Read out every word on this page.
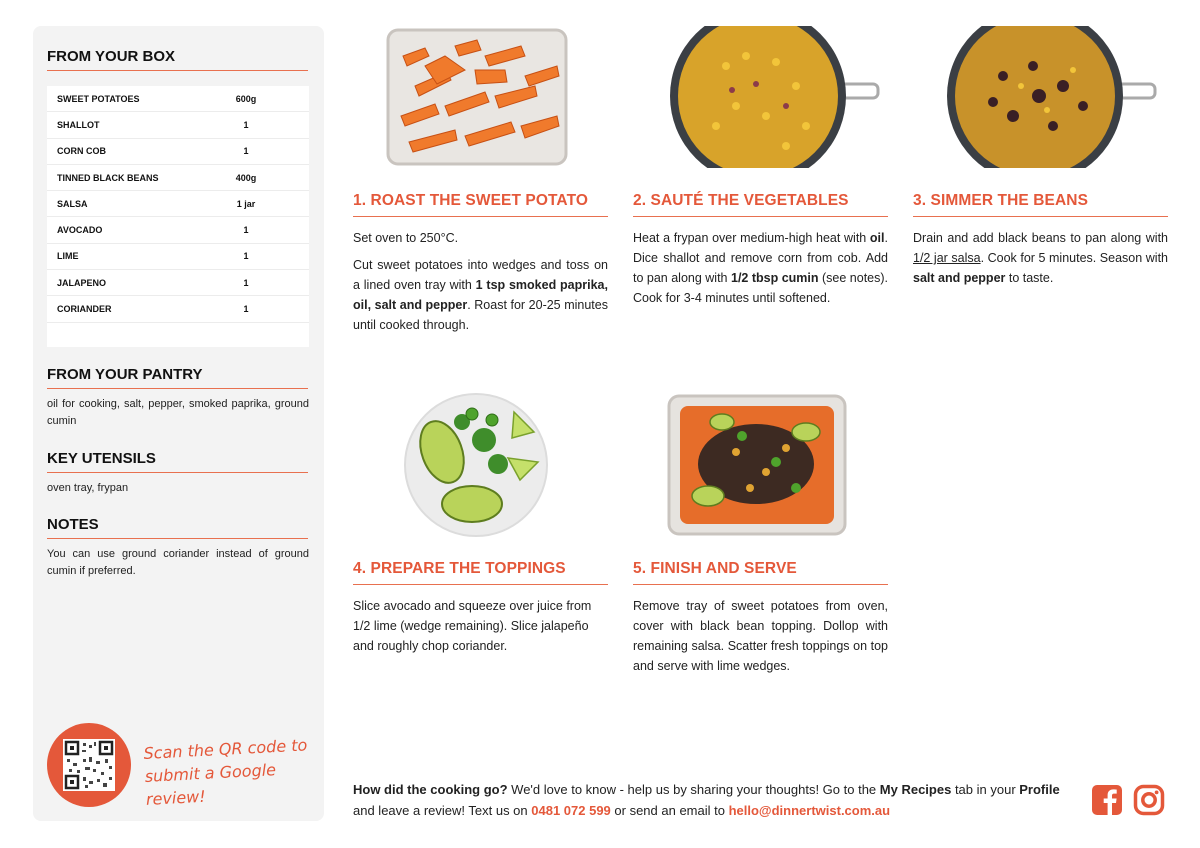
FROM YOUR BOX
SWEET POTATOES	600g
SHALLOT	1
CORN COB	1
TINNED BLACK BEANS	400g
SALSA	1 jar
AVOCADO	1
LIME	1
JALAPENO	1
CORIANDER	1
FROM YOUR PANTRY
oil for cooking, salt, pepper, smoked paprika, ground cumin
KEY UTENSILS
oven tray, frypan
NOTES
You can use ground coriander instead of ground cumin if preferred.
Scan the QR code to
submit a Google review!
1. ROAST THE SWEET POTATO

Set oven to 250°C.

Cut sweet potatoes into wedges and toss on a lined oven tray with 1 tsp smoked paprika, oil, salt and pepper. Roast for 20-25 minutes until cooked through.

2. SAUTÉ THE VEGETABLES

Heat a frypan over medium-high heat with oil. Dice shallot and remove corn from cob. Add to pan along with 1/2 tbsp cumin (see notes). Cook for 3-4 minutes until softened.

3. SIMMER THE BEANS

Drain and add black beans to pan along with 1/2 jar salsa. Cook for 5 minutes. Season with salt and pepper to taste.

4. PREPARE THE TOPPINGS

Slice avocado and squeeze over juice from 1/2 lime (wedge remaining). Slice jalapeño and roughly chop coriander.

5. FINISH AND SERVE

Remove tray of sweet potatoes from oven, cover with black bean topping. Dollop with remaining salsa. Scatter fresh toppings on top and serve with lime wedges.

How did the cooking go? We'd love to know - help us by sharing your thoughts! Go to the My Recipes tab in your Profile and leave a review! Text us on 0481 072 599 or send an email to hello@dinnertwist.com.au
